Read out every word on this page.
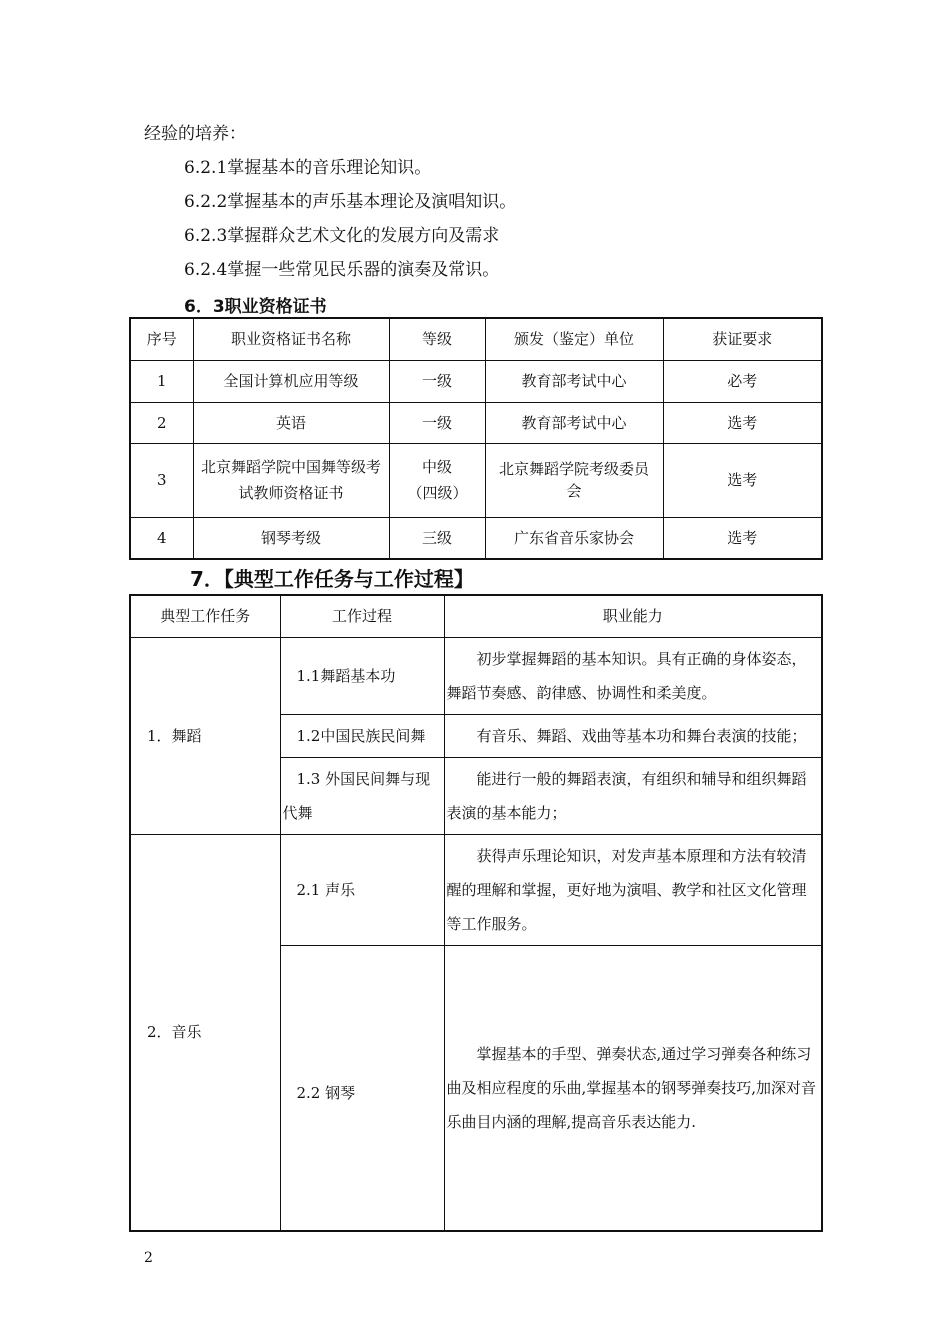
经验的培养：
6.2.1掌握基本的音乐理论知识。
6.2.2掌握基本的声乐基本理论及演唱知识。
6.2.3掌握群众艺术文化的发展方向及需求
6.2.4掌握一些常见民乐器的演奏及常识。
6．3职业资格证书
序号	职业资格证书名称	等级	颁发（鉴定）单位	获证要求
1	全国计算机应用等级	一级	教育部考试中心	必考
2	英语	一级	教育部考试中心	选考
3	北京舞蹈学院中国舞等级考试教师资格证书	中级（四级）	北京舞蹈学院考级委员会	选考
4	钢琴考级	三级	广东省音乐家协会	选考
7．【典型工作任务与工作过程】
典型工作任务	工作过程	职业能力
1．舞蹈	1.1舞蹈基本功	初步掌握舞蹈的基本知识。具有正确的身体姿态，舞蹈节奏感、韵律感、协调性和柔美度。
	1.2中国民族民间舞	有音乐、舞蹈、戏曲等基本功和舞台表演的技能；
	1.3 外国民间舞与现代舞	能进行一般的舞蹈表演，有组织和辅导和组织舞蹈表演的基本能力；
2．音乐	2.1 声乐	获得声乐理论知识，对发声基本原理和方法有较清醒的理解和掌握，更好地为演唱、教学和社区文化管理等工作服务。
	2.2 钢琴	掌握基本的手型、弹奏状态,通过学习弹奏各种练习曲及相应程度的乐曲,掌握基本的钢琴弹奏技巧,加深对音乐曲目内涵的理解,提高音乐表达能力.
2
